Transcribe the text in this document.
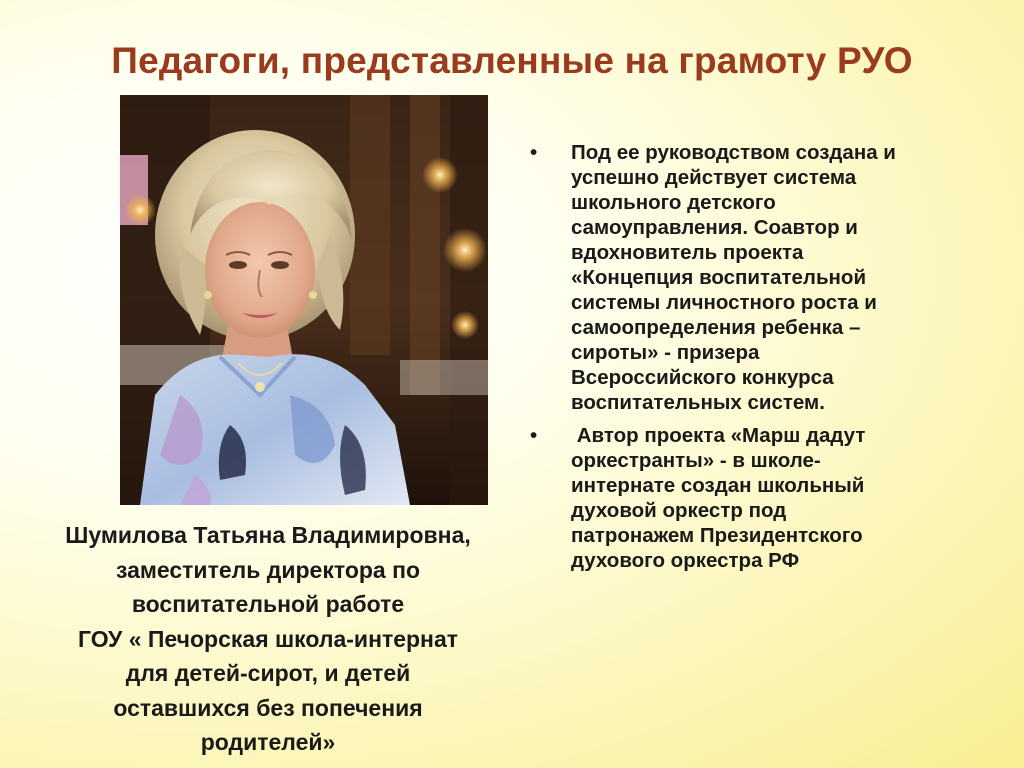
Педагоги, представленные на грамоту РУО
Шумилова Татьяна Владимировна,
заместитель директора по
воспитательной работе
ГОУ « Печорская школа-интернат
для детей-сирот, и детей
оставшихся без попечения
родителей»
• Под ее руководством создана и
успешно действует система
школьного детского
самоуправления. Соавтор и
вдохновитель проекта
«Концепция воспитательной
системы личностного роста и
самоопределения ребенка –
сироты» - призера
Всероссийского конкурса
воспитательных систем.
• Автор проекта «Марш дадут
оркестранты» - в школе-
интернате создан школьный
духовой оркестр под
патронажем Президентского
духового оркестра РФ
